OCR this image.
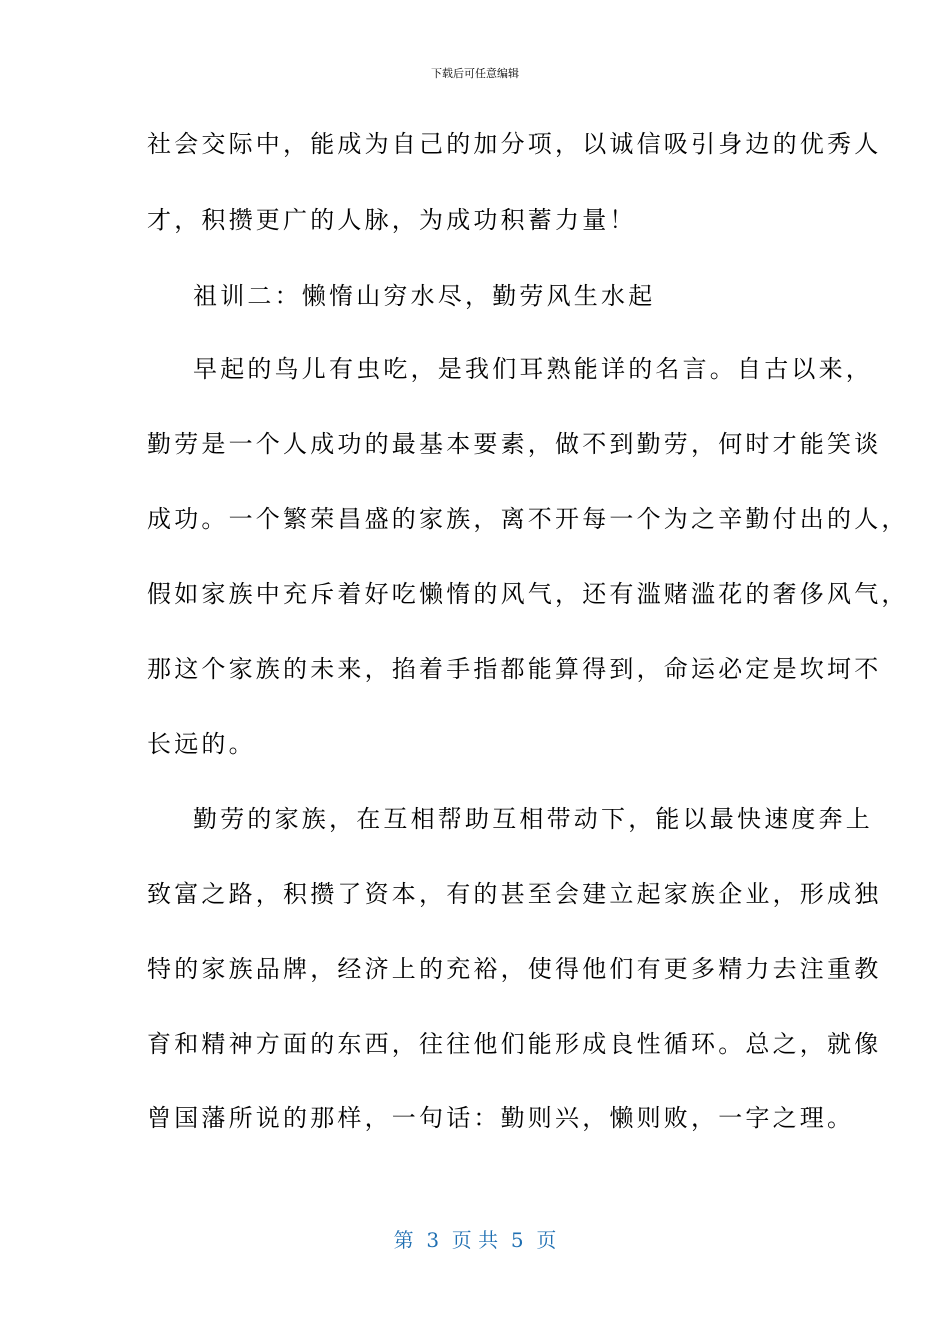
下载后可任意编辑
社会交际中，能成为自己的加分项，以诚信吸引身边的优秀人
才，积攒更广的人脉，为成功积蓄力量！
祖训二：懒惰山穷水尽，勤劳风生水起
早起的鸟儿有虫吃，是我们耳熟能详的名言。自古以来，
勤劳是一个人成功的最基本要素，做不到勤劳，何时才能笑谈
成功。一个繁荣昌盛的家族，离不开每一个为之辛勤付出的人，
假如家族中充斥着好吃懒惰的风气，还有滥赌滥花的奢侈风气，
那这个家族的未来，掐着手指都能算得到，命运必定是坎坷不
长远的。
勤劳的家族，在互相帮助互相带动下，能以最快速度奔上
致富之路，积攒了资本，有的甚至会建立起家族企业，形成独
特的家族品牌，经济上的充裕，使得他们有更多精力去注重教
育和精神方面的东西，往往他们能形成良性循环。总之，就像
曾国藩所说的那样，一句话：勤则兴，懒则败，一字之理。
第  3  页 共  5  页
